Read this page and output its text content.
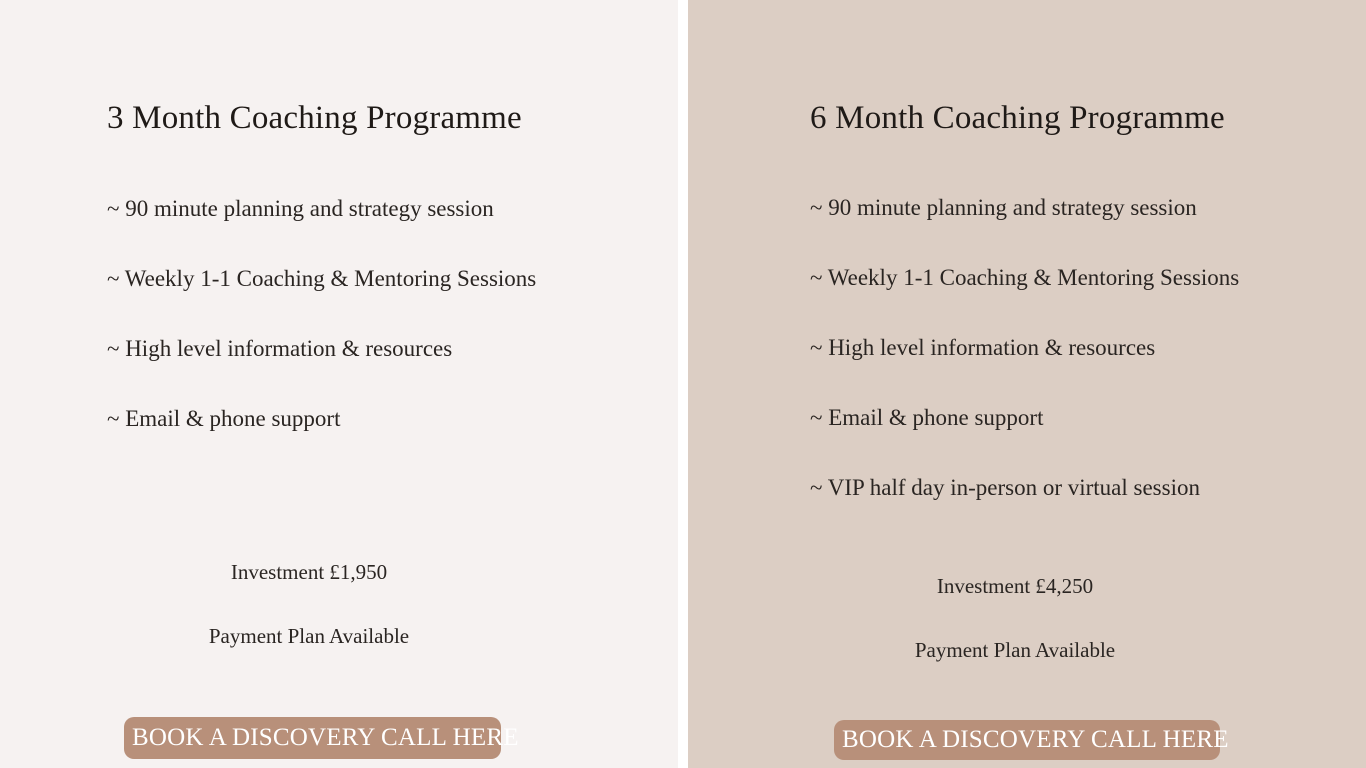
3 Month Coaching Programme
~ 90 minute planning and strategy session
~ Weekly 1-1 Coaching & Mentoring Sessions
~ High level information & resources
~ Email & phone support
Investment £1,950
Payment Plan Available
BOOK A DISCOVERY CALL HERE
6 Month Coaching Programme
~ 90 minute planning and strategy session
~ Weekly 1-1 Coaching & Mentoring Sessions
~ High level information & resources
~ Email & phone support
~ VIP half day in-person or virtual session
Investment £4,250
Payment Plan Available
BOOK A DISCOVERY CALL HERE
